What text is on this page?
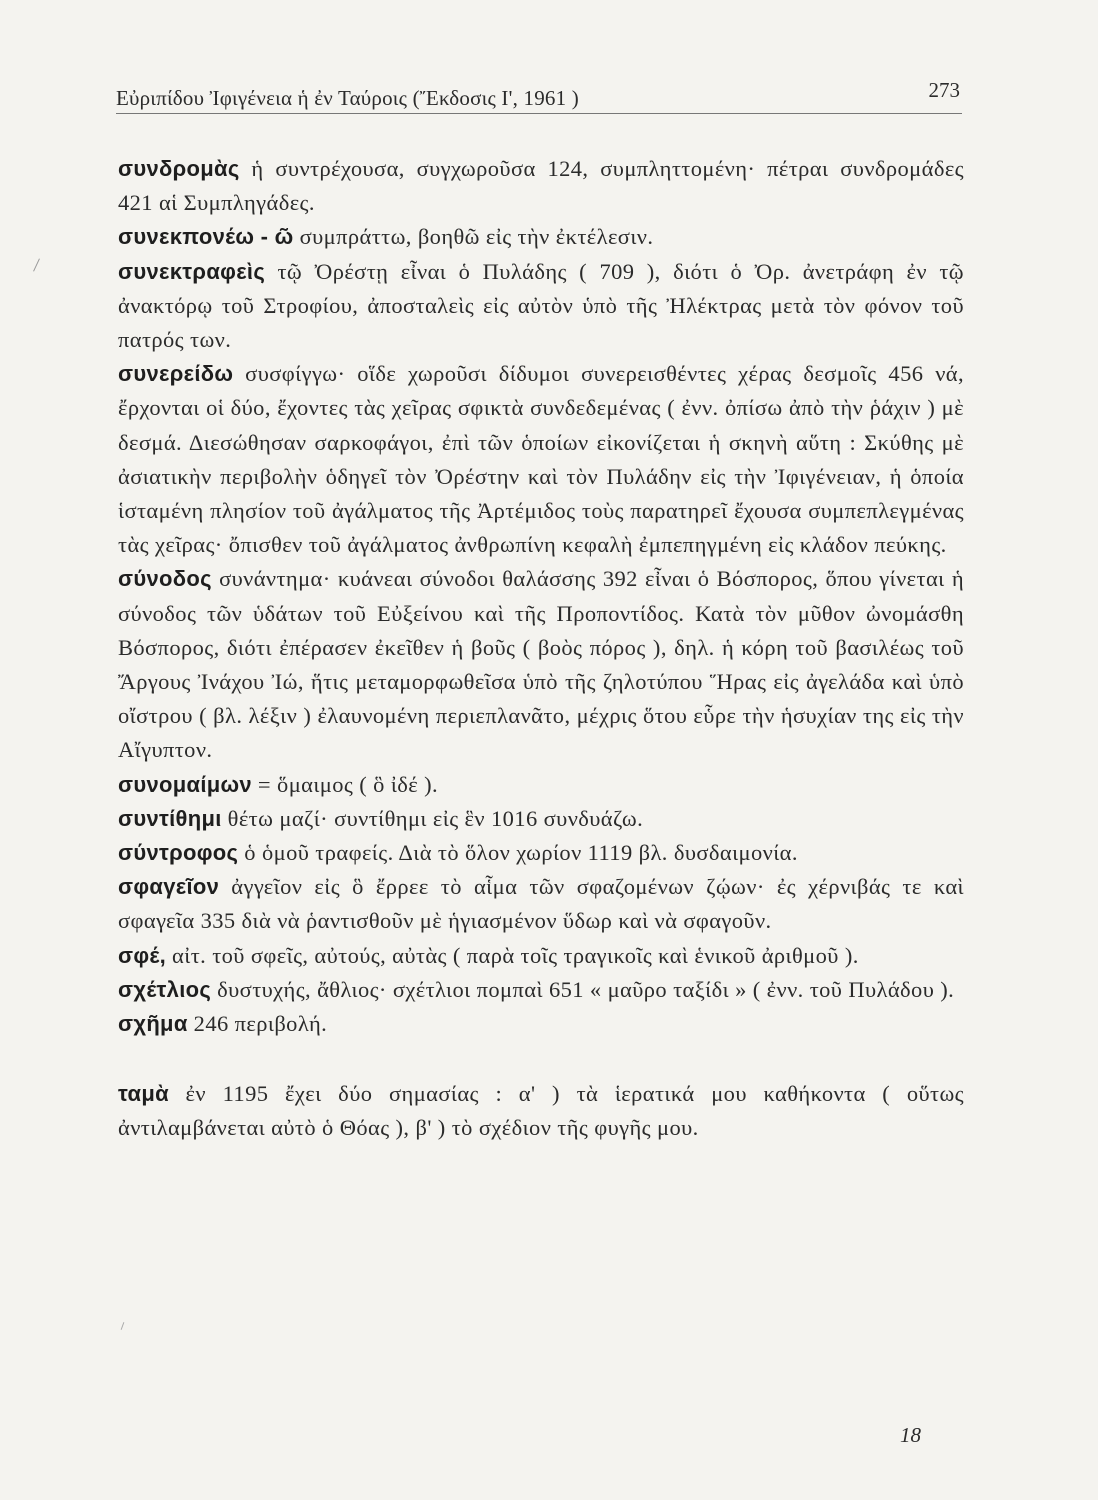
Εὐριπίδου Ἰφιγένεια ἡ ἐν Ταύροις (Ἔκδοσις Ι', 1961 )	273

συνδρομὰς ἡ συντρέχουσα, συγχωροῦσα 124, συμπληττομένη· πέτραι συνδρομάδες 421 αἱ Συμπληγάδες.

συνεκπονέω - ῶ συμπράττω, βοηθῶ εἰς τὴν ἐκτέλεσιν.

συνεκτραφεὶς τῷ Ὀρέστῃ εἶναι ὁ Πυλάδης ( 709 ), διότι ὁ Ὀρ. ἀνετράφη ἐν τῷ ἀνακτόρῳ τοῦ Στροφίου, ἀποσταλεὶς εἰς αὐτὸν ὑπὸ τῆς Ἠλέκτρας μετὰ τὸν φόνον τοῦ πατρός των.

συνερείδω συσφίγγω· οἵδε χωροῦσι δίδυμοι συνερεισθέντες χέρας δεσμοῖς 456 νά, ἔρχονται οἱ δύο, ἔχοντες τὰς χεῖρας σφικτὰ συνδεδεμένας ( ἐνν. ὀπίσω ἀπὸ τὴν ῥάχιν ) μὲ δεσμά. Διεσώθησαν σαρκοφάγοι, ἐπὶ τῶν ὁποίων εἰκονίζεται ἡ σκηνὴ αὕτη : Σκύθης μὲ ἀσιατικὴν περιβολὴν ὁδηγεῖ τὸν Ὀρέστην καὶ τὸν Πυλάδην εἰς τὴν Ἰφιγένειαν, ἡ ὁποία ἱσταμένη πλησίον τοῦ ἀγάλματος τῆς Ἀρτέμιδος τοὺς παρατηρεῖ ἔχουσα συμπεπλεγμένας τὰς χεῖρας· ὄπισθεν τοῦ ἀγάλματος ἀνθρωπίνη κεφαλὴ ἐμπεπηγμένη εἰς κλάδον πεύκης.

σύνοδος συνάντημα· κυάνεαι σύνοδοι θαλάσσης 392 εἶναι ὁ Βόσπορος, ὅπου γίνεται ἡ σύνοδος τῶν ὑδάτων τοῦ Εὐξείνου καὶ τῆς Προποντίδος. Κατὰ τὸν μῦθον ὠνομάσθη Βόσπορος, διότι ἐπέρασεν ἐκεῖθεν ἡ βοῦς ( βοὸς πόρος ), δηλ. ἡ κόρη τοῦ βασιλέως τοῦ Ἄργους Ἰνάχου Ἰώ, ἥτις μεταμορφωθεῖσα ὑπὸ τῆς ζηλοτύπου Ἥρας εἰς ἀγελάδα καὶ ὑπὸ οἴστρου ( βλ. λέξιν ) ἐλαυνομένη περιεπλανᾶτο, μέχρις ὅτου εὗρε τὴν ἡσυχίαν της εἰς τὴν Αἴγυπτον.

συνομαίμων = ὅμαιμος ( ὃ ἰδέ ).

συντίθημι θέτω μαζί· συντίθημι εἰς ἓν 1016 συνδυάζω.

σύντροφος ὁ ὁμοῦ τραφείς. Διὰ τὸ ὅλον χωρίον 1119 βλ. δυσδαιμονία.

σφαγεῖον ἀγγεῖον εἰς ὃ ἔρρεε τὸ αἷμα τῶν σφαζομένων ζῴων· ἐς χέρνιβάς τε καὶ σφαγεῖα 335 διὰ νὰ ῥαντισθοῦν μὲ ἡγιασμένον ὕδωρ καὶ νὰ σφαγοῦν.

σφέ, αἰτ. τοῦ σφεῖς, αὐτούς, αὐτὰς ( παρὰ τοῖς τραγικοῖς καὶ ἑνικοῦ ἀριθμοῦ ).

σχέτλιος δυστυχής, ἄθλιος· σχέτλιοι πομπαὶ 651 « μαῦρο ταξίδι » ( ἐνν. τοῦ Πυλάδου ).

σχῆμα 246 περιβολή.

ταμὰ ἐν 1195 ἔχει δύο σημασίας : α' ) τὰ ἱερατικά μου καθήκοντα ( οὕτως ἀντιλαμβάνεται αὐτὸ ὁ Θόας ), β' ) τὸ σχέδιον τῆς φυγῆς μου.

18
